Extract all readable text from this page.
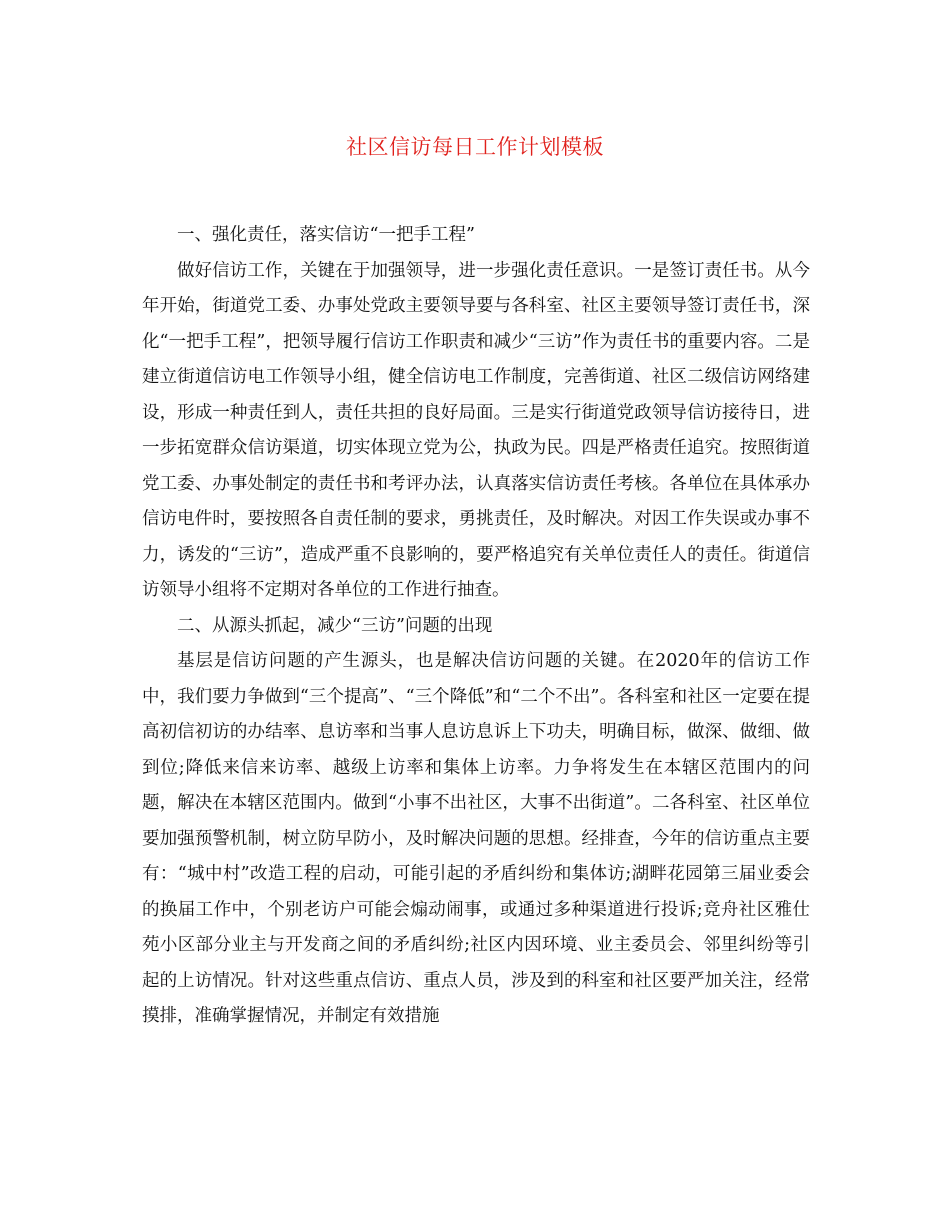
社区信访每日工作计划模板

一、强化责任，落实信访“一把手工程”

做好信访工作，关键在于加强领导，进一步强化责任意识。一是签订责任书。从今年开始，街道党工委、办事处党政主要领导要与各科室、社区主要领导签订责任书，深化“一把手工程”，把领导履行信访工作职责和减少“三访”作为责任书的重要内容。二是建立街道信访电工作领导小组，健全信访电工作制度，完善街道、社区二级信访网络建设，形成一种责任到人，责任共担的良好局面。三是实行街道党政领导信访接待日，进一步拓宽群众信访渠道，切实体现立党为公，执政为民。四是严格责任追究。按照街道党工委、办事处制定的责任书和考评办法，认真落实信访责任考核。各单位在具体承办信访电件时，要按照各自责任制的要求，勇挑责任，及时解决。对因工作失误或办事不力，诱发的“三访”，造成严重不良影响的，要严格追究有关单位责任人的责任。街道信访领导小组将不定期对各单位的工作进行抽查。

二、从源头抓起，减少“三访”问题的出现

基层是信访问题的产生源头，也是解决信访问题的关键。在2020年的信访工作中，我们要力争做到“三个提高”、“三个降低”和“二个不出”。各科室和社区一定要在提高初信初访的办结率、息访率和当事人息访息诉上下功夫，明确目标，做深、做细、做到位;降低来信来访率、越级上访率和集体上访率。力争将发生在本辖区范围内的问题，解决在本辖区范围内。做到“小事不出社区，大事不出街道”。二各科室、社区单位要加强预警机制，树立防早防小，及时解决问题的思想。经排查，今年的信访重点主要有：“城中村”改造工程的启动，可能引起的矛盾纠纷和集体访;湖畔花园第三届业委会的换届工作中，个别老访户可能会煽动闹事，或通过多种渠道进行投诉;竞舟社区雅仕苑小区部分业主与开发商之间的矛盾纠纷;社区内因环境、业主委员会、邻里纠纷等引起的上访情况。针对这些重点信访、重点人员，涉及到的科室和社区要严加关注，经常摸排，准确掌握情况，并制定有效措施
